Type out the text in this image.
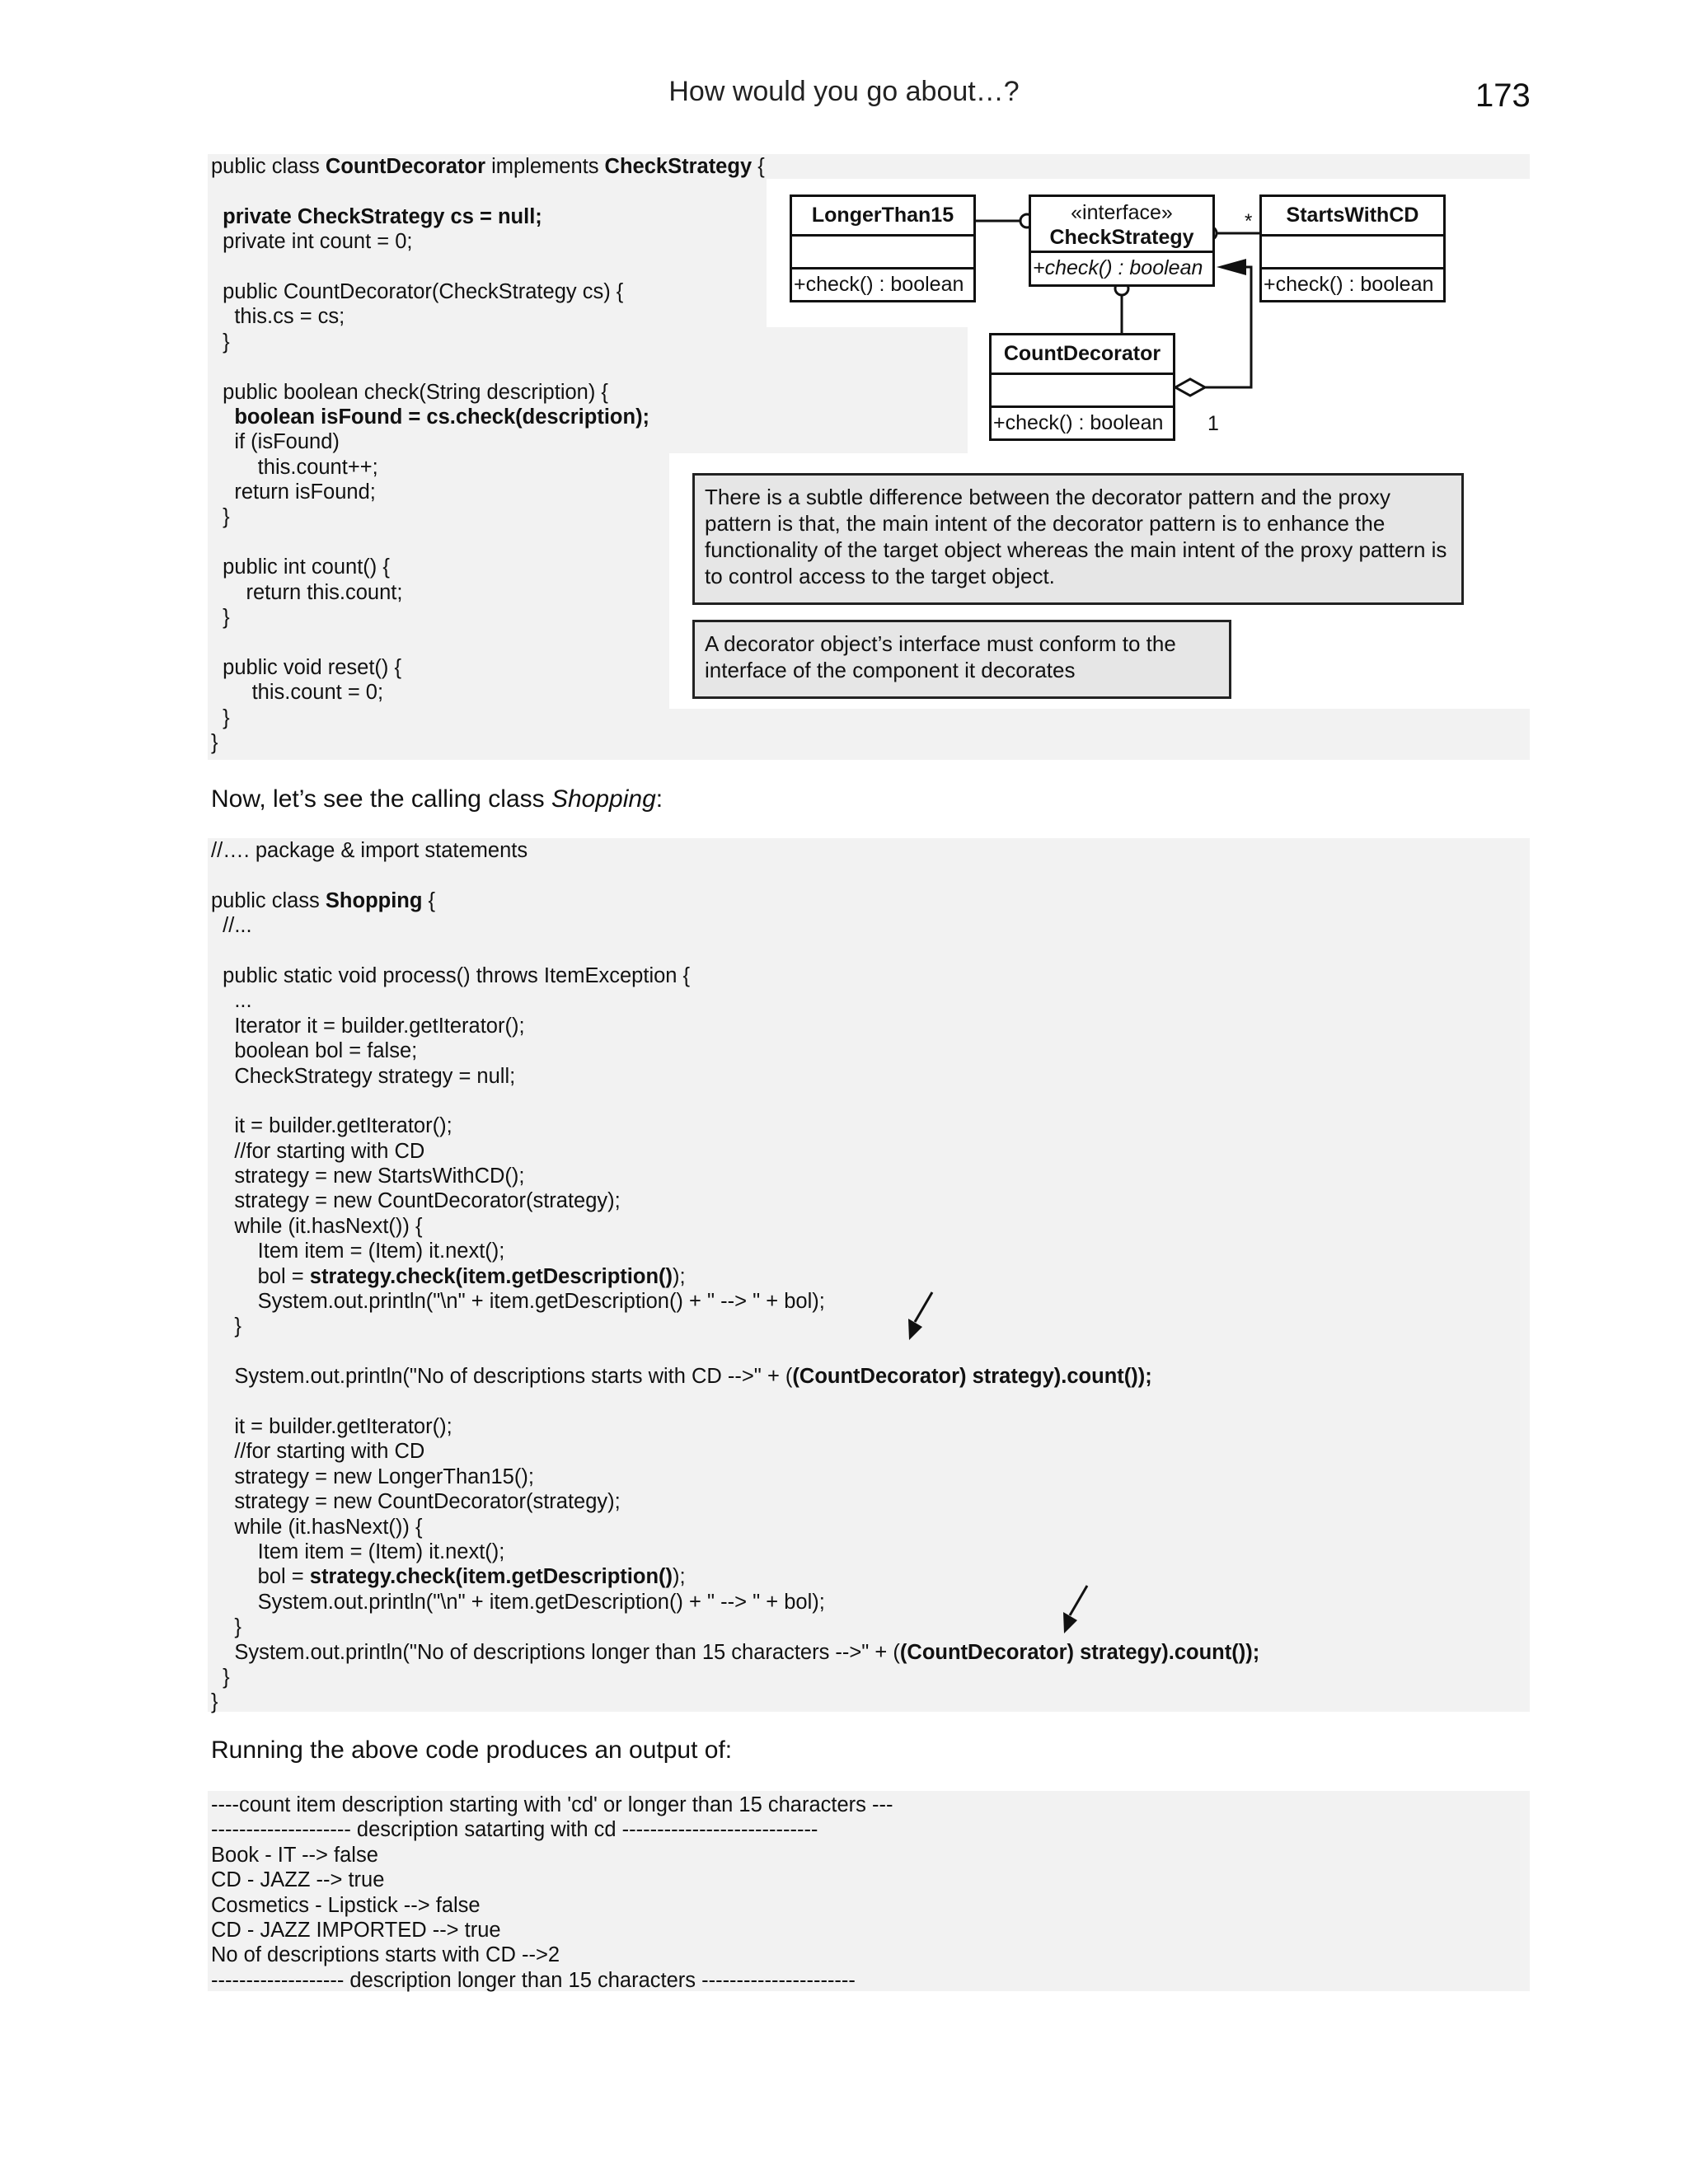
How would you go about…?	173
public class CountDecorator implements CheckStrategy {
private CheckStrategy cs = null;
private int count = 0;
public CountDecorator(CheckStrategy cs) {
this.cs = cs;
}
public boolean check(String description) {
boolean isFound = cs.check(description);
if (isFound)
this.count++;
return isFound;
}
public int count() {
return this.count;
}
public void reset() {
this.count = 0;
}
}
*
1
LongerThan15
+check() : boolean
«interface»
CheckStrategy
+check() : boolean
StartsWithCD
+check() : boolean
CountDecorator
+check() : boolean
There is a subtle difference between the decorator pattern and the proxy pattern is that, the main intent of the decorator pattern is to enhance the functionality of the target object whereas the main intent of the proxy pattern is to control access to the target object.
A decorator object’s interface must conform to the interface of the component it decorates
Now, let’s see the calling class Shopping:
//…. package & import statements
public class Shopping {
//...
public static void process() throws ItemException {
...
Iterator it = builder.getIterator();
boolean bol = false;
CheckStrategy strategy = null;
it = builder.getIterator();
//for starting with CD
strategy = new StartsWithCD();
strategy = new CountDecorator(strategy);
while (it.hasNext()) {
Item item = (Item) it.next();
bol = strategy.check(item.getDescription());
System.out.println("\n" + item.getDescription() + " --> " + bol);
}
System.out.println("No of descriptions starts with CD -->" + ((CountDecorator) strategy).count());
it = builder.getIterator();
//for starting with CD
strategy = new LongerThan15();
strategy = new CountDecorator(strategy);
while (it.hasNext()) {
Item item = (Item) it.next();
bol = strategy.check(item.getDescription());
System.out.println("\n" + item.getDescription() + " --> " + bol);
}
System.out.println("No of descriptions longer than 15 characters -->" + ((CountDecorator) strategy).count());
}
}
Running the above code produces an output of:
----count item description starting with 'cd' or longer than 15 characters ---
-------------------- description satarting with cd ----------------------------
Book - IT --> false
CD - JAZZ --> true
Cosmetics - Lipstick --> false
CD - JAZZ IMPORTED --> true
No of descriptions starts with CD -->2
------------------- description longer than 15 characters ----------------------
